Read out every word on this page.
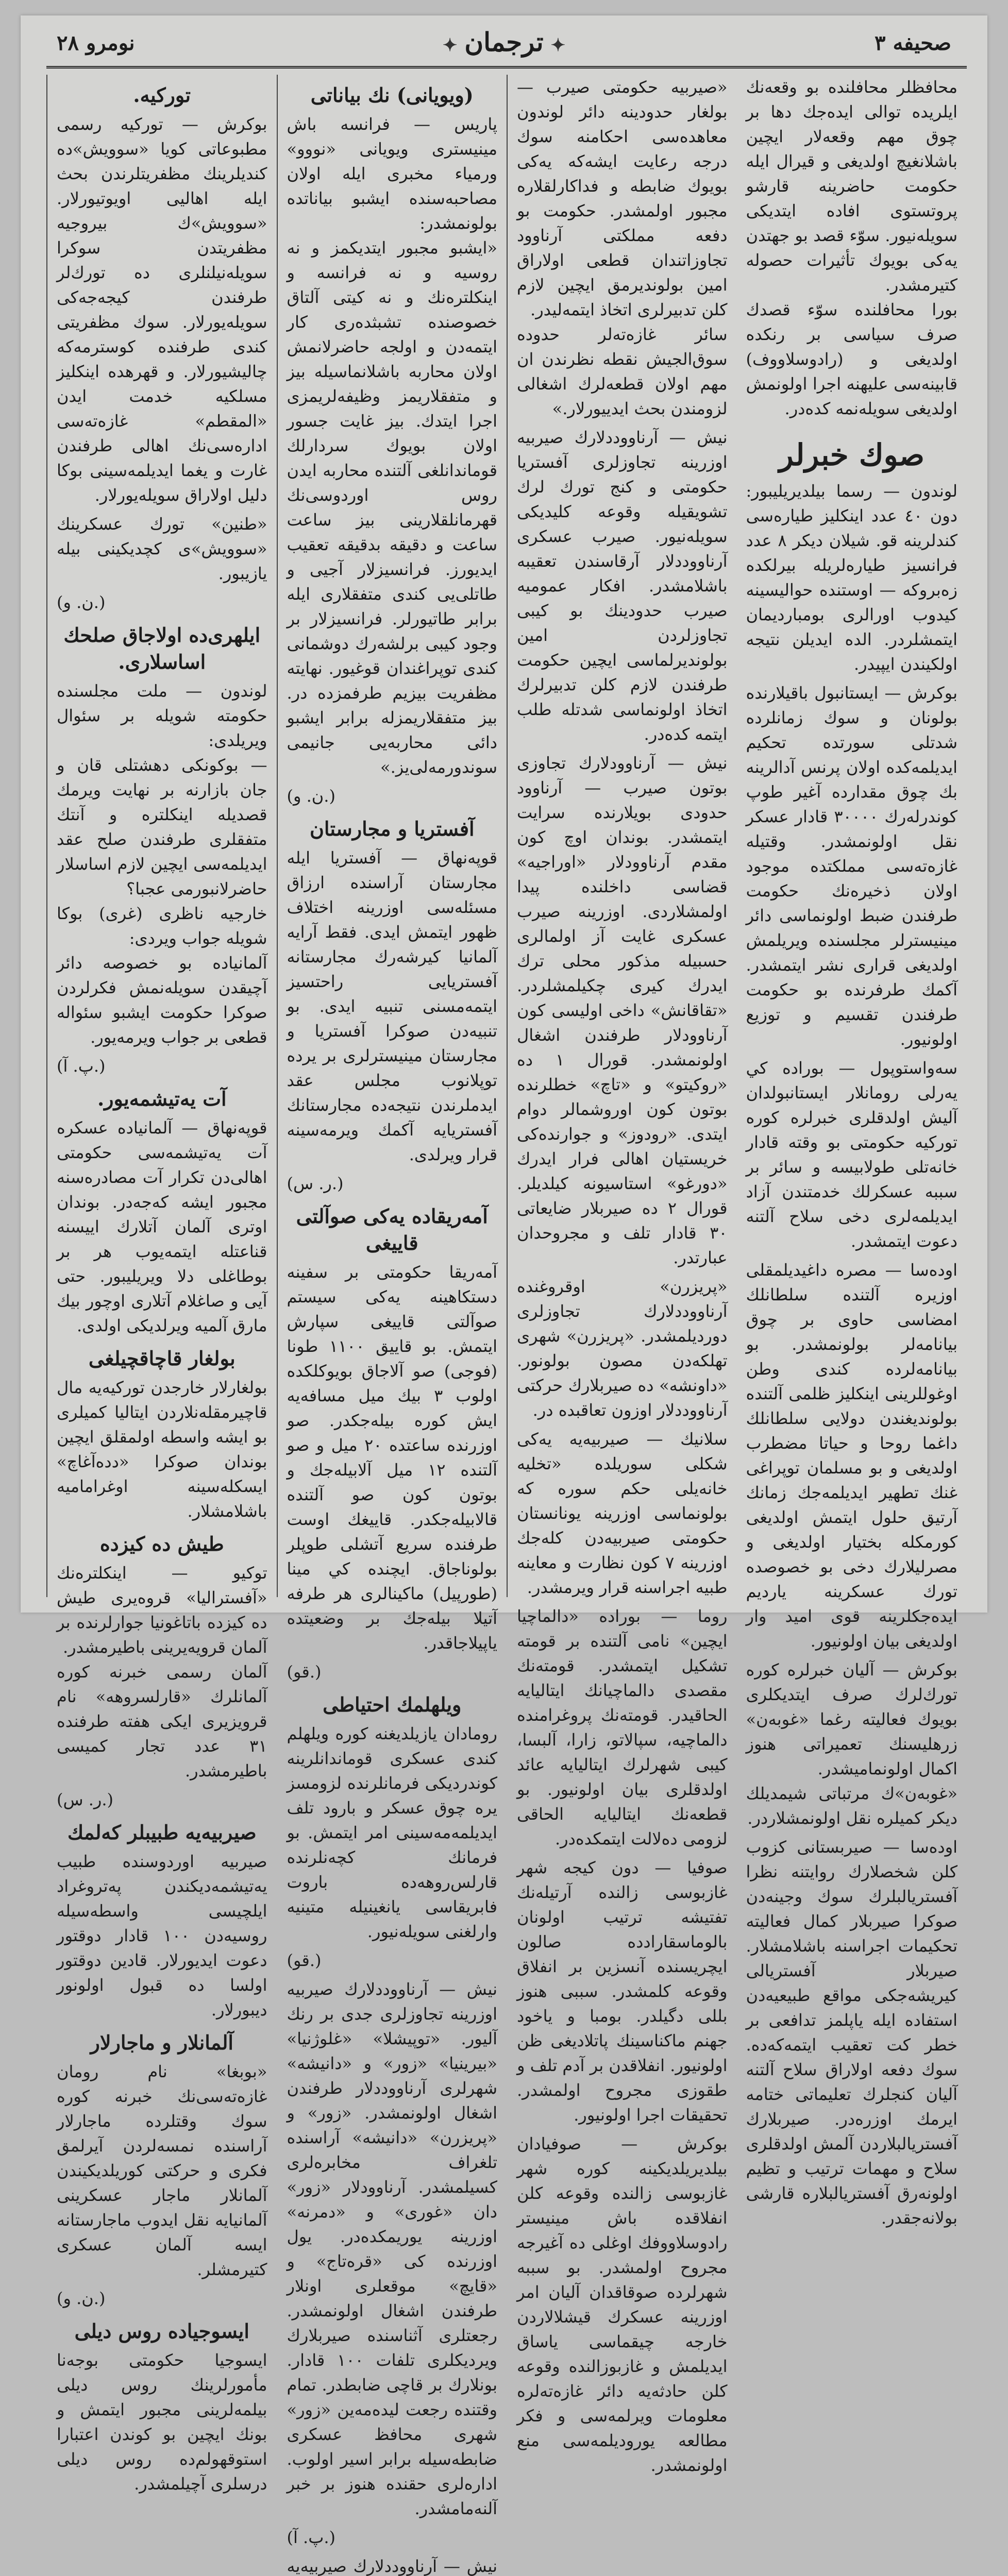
صحيفه ٣
✦ترجمان✦
نومرو ٢٨
توركيه.

بوكرش — توركيه رسمى مطبوعاتى كويا «سوويش»ده كنديلرينك مظفريتلرندن بحث ايله اهاليى اويوتيورلار. «سوويش»ك بيروجيه مظفريتدن سوكرا سويله‌نيلنلرى ده تورك‌لر طرفندن كيجه‌جه‌كى سويله‌يورلار. سوك مظفريتى كندى طرفنده كوسترمه‌كه چاليشيورلار. و قهرهده اينكليز مسلكيه خدمت ايدن «المقطم» غازه‌ته‌سى اداره‌سى‌نك اهالى طرفندن غارت و يغما ايديلمه‌سينى بوكا دليل اولاراق سويله‌يورلار.

«طنين» تورك عسكرينك «سوويش»ى كچديكينى بيله يازيبور.

(ن. و.)

ايلهرى‌ده اولاجاق صلحك اساسلارى.

لوندون — ملت مجلسنده حكومته شويله بر سئوال ويريلدى:
— بوكونكى دهشتلى قان و جان بازارنه بر نهايت ويرمك قصديله اينكلتره و آنتك متفقلرى طرفندن صلح عقد ايديلمه‌سى ايچين لازم اساسلار حاضرلانبورمى عجبا؟
خارجيه ناظرى (غرى) بوكا شويله جواب ويردى:
آلمانياده بو خصوصه دائر آچيقدن سويله‌نمش فكرلردن صوكرا حكومت ايشبو سئواله قطعى بر جواب ويرمه‌يور.

(پ. آ.)

آت يه‌تيشمه‌يور.

قوپه‌نهاق — آلمانياده عسكره آت يه‌تيشمه‌سى حكومتى اهالى‌دن تكرار آت مصادره‌سنه مجبور ايشه كه‌جه‌در. بوندان اوترى آلمان آتلارك اييسنه قناعتله ايتمه‌يوب هر بر بوطاغلى دلا ويريليبور. حتى آيى و صاغلام آتلارى اوچور بيك مارق آلميه ويرلديكى اولدى.

بولغار قاچاقچيلغى

بولغارلار خارجدن توركيه‌يه مال قاچيرمقله‌نلاردن ايتاليا كميلرى بو ايشه واسطه اولمقلق ايچين بوندان صوكرا «دده‌آغاچ» ايسكله‌سينه اوغراماميه باشلامشلار.

طيش ده كيزده

توكيو — اينكلتره‌نك «آفستراليا» قروه‌يرى طيش ده كيزده باتاغونيا جوارلرنده بر آلمان قرويه‌يرينى باطيرمشدر.
آلمان رسمى خبرنه كوره آلمانلرك «قارلسروهه» نام قرويزيرى ايكى هفته طرفنده ٣١ عدد تجار كميسى باطيرمشدر.

(ر. س.)

صيربيه‌يه طبيبلر كه‌لمك

صيربيه اوردوسنده طبيب يه‌تيشمه‌ديكندن په‌تروغراد ايلچيسى واسطه‌سيله روسيه‌دن ١٠٠ قادار دوقتور دعوت ايديورلار. قادين دوقتور اولسا ده قبول اولونور ديبورلار.

آلمانلار و ماجارلار

«بوبغا» نام رومان غازه‌ته‌سى‌نك خبرنه كوره سوك وقتلرده ماجارلار آراسنده نمسه‌لردن آيرلمق فكرى و حركتى كوريلديكيندن آلمانلار ماجار عسكرينى آلمانيا‌يه نقل ايدوب ماجارستانه ايسه آلمان عسكرى كتيرمشلر.

(ن. و.)

ايسوجياده روس ديلى

ايسوجيا حكومتى بوجه‌نا مأمورلرينك روس ديلى بيلمه‌لرينى مجبور ايتمش و بونك ايچين بو كوندن اعتبارا استوقهولم‌ده روس ديلى درسلرى آچيلمشدر.

(ويويانى) نك بياناتى

پاريس — فرانسه باش مينيسترى ويويانى «نووو» ورمياء مخبرى ايله اولان مصاحبه‌سنده ايشبو بياناتده بولونمشدر:
«ايشبو مجبور ايتديكمز و نه روسيه و نه فرانسه و اينكلتره‌نك و نه كيتى آلتاق خصوصنده تشبثده‌رى كار ايتمه‌دن و اولجه حاضرلانمش اولان محاربه باشلانماسيله بيز و متفقلاريمز وظيفه‌لريمزى اجرا ايتدك. بيز غايت جسور اولان بويوك سردارلك قوماندانلغى آلتنده محاربه ايدن روس اوردوسى‌نك قهرمانلقلارينى بيز ساعت ساعت و دقيقه بدقيقه تعقيب ايديورز. فرانسيزلار آجيى و طاتلى‌يى كندى متفقلارى ايله برابر طاتيورلر. فرانسيزلار بر وجود كيبى برلشه‌رك دوشمانى كندى توپراغندان قوغيور. نهايته مظفريت بيزيم طرفمزده در. بيز متفقلاريمزله برابر ايشبو دائى محاربه‌يى جانيمى سوندورمه‌لى‌يز.»

(ن. و.)

آفستريا و مجارستان

قوپه‌نهاق — آفستريا ايله مجارستان آراسنده ارزاق مسئله‌سى اوزرينه اختلاف ظهور ايتمش ايدى. فقط آرايه آلمانيا كيرشه‌رك مجارستانه آفستريايى راحتسيز ايتمه‌مسنى تنبيه ايدى. بو تنبيه‌دن صوكرا آفستريا و مجارستان مينيسترلرى بر يرده توپلانوب مجلس عقد ايدملرندن نتيجه‌ده مجارستانك آفستريايه آكمك ويرمه‌سينه قرار ويرلدى.

(ر. س.)

آمه‌ريقاده يه‌كى صوآلتى قاييغى

آمه‌ريقا حكومتى بر سفينه دستكاهينه يه‌كى سيستم صوآلتى قاييغى سپارش ايتمش. بو قاييق ١١٠٠ طونا (فوجى) صو آلاجاق بويوكلكده اولوب ٣ بيك ميل مسافه‌يه ايش كوره بيله‌جكدر. صو اوزرنده ساعتده ٢٠ ميل و صو آلتنده ١٢ ميل آلابيله‌جك و بوتون كون صو آلتنده قالابيله‌جكدر. قاييغك اوست طرفنده سريع آتشلى طوپلر بولوناجاق. ايچنده كي مينا (طورپيل) ماكينالرى هر طرفه آتيلا بيله‌جك بر وضعيتده ياپيلاجاقدر.

(قو.)

ويلهلمك احتياطى

رومادان يازيلديغنه كوره ويلهلم كندى عسكرى قوماندانلرينه كوندرديكى فرمانلرنده لزومسز يره چوق عسكر و بارود تلف ايديلمه‌مه‌سينى امر ايتمش. بو فرمانك كچه‌نلرنده قارلس‌روهه‌ده باروت فابريقاسى يانغينيله متينيه وارلغنى سويله‌نيور.

(قو.)

نيش — آرناووددلارك صيربيه اوزرينه تجاوزلرى جدى بر رنك آليور. «توپيشلا» «غلوژنيا» «بيرينيا» «زور» و «دانيشه» شهرلرى آرناووددلار طرفندن اشغال اولونمشدر. «زور» و «پريزرن» «دانيشه» آراسنده تلغراف مخابره‌لرى كسيلمشدر. آرناوودلار «زور» دان «غورى» و «دمرنه» اوزرينه يوريمكده‌در. يول اوزرنده كى «قره‌تاج» و «قايچ» موقعلرى اونلار طرفندن اشغال اولونمشدر. رجعتلرى آثناسنده صيربلارك ويرديكلرى تلفات ١٠٠ قادار. بونلارك بر قاچى ضابطدر. تمام وقتنده رجعت ليده‌مه‌ين «زور» شهرى محافظ عسكرى ضابطه‌سيله برابر اسير اولوب. اداره‌لرى حقنده هنوز بر خبر آلنه‌مامشدر.

(پ. آ.)

نيش — آرناووددلارك صيربيه‌يه

«صيربيه حكومتى صيرب — بولغار حدودينه دائر لوندون معاهده‌سى احكامنه سوك درجه رعايت ايشه‌كه يه‌كى بويوك ضابطه و فداكارلقلاره مجبور اولمشدر. حكومت بو دفعه مملكتى آرناوود تجاوزاتندان قطعى اولاراق امين بولونديرمق ايچين لازم كلن تدبيرلرى اتخاذ ايتمه‌ليدر.
سائر غازه‌ته‌لر حدوده سوق‌الجيش نقطه نظرندن ان مهم اولان قطعه‌لرك اشغالى لزومندن بحث ايدييورلار.»

نيش — آرناووددلارك صيربيه اوزرينه تجاوزلرى آفستريا حكومتى و كنج تورك لرك تشويقيله وقوعه كليديكى سويله‌نيور. صيرب عسكرى آرناووددلار آرقاسندن تعقيبه باشلامشدر. افكار عموميه صيرب حدودينك بو كيبى تجاوزلردن امين بولونديرلماسى ايچين حكومت طرفندن لازم كلن تدبيرلرك اتخاذ اولونماسى شدتله طلب ايتمه كده‌در.

نيش — آرناوودلارك تجاوزى بوتون صيرب — آرناوود حدودى بويلارنده سرايت ايتمشدر. بوندان اوچ كون مقدم آرناوودلار «اوراجيه» قضاسى داخلنده پيدا اولمشلاردى. اوزرينه صيرب عسكرى غايت آز اولمالرى حسبيله مذكور محلى ترك ايدرك كيرى چكيلمشلردر. «تقاقانش» داخى اوليسى كون آرناوودلار طرفندن اشغال اولونمشدر. قورال ١ ده «روكيتو» و «تاچ» خطلرنده بوتون كون اوروشمالر دوام ايتدى. «رودوز» و جوارنده‌كى خريستيان اهالى فرار ايدرك «دورغو» استاسيونه كيلديلر. قورال ٢ ده صيربلار ضايعاتى ٣٠ قادار تلف و مجروحدان عبارتدر.

«پريزرن» اوقروغنده آرناووددلارك تجاوزلرى دورديلمشدر. «پريزرن» شهرى تهلكه‌دن مصون بولونور. «داونشه» ده صيربلارك حركتى آرناووددلار اوزون تعاقبده در.

سلانيك — صيربيه‌يه يه‌كى شكلى سوريلده «تخليه خانه‌يلى حكم سوره كه بولونماسى اوزرينه يونانستان حكومتى صيربيه‌دن كله‌جك اوزرينه ٧ كون نظارت و معاينه طبيه اجراسنه قرار ويرمشدر.

روما — بوراده «دالماچيا ايچين» نامى آلتنده بر قومته تشكيل ايتمشدر. قومته‌نك مقصدى دالماچيانك ايتاليايه الحاقيدر. قومته‌نك پروغرامنده دالماچيه، سپالاتو، زارا، آلبسا، كيبى شهرلرك ايتاليايه عائد اولدقلرى بيان اولونيور. بو قطعه‌نك ايتاليايه الحاقى لزومى ده‌لالت ايتمكده‌در.

صوفيا — دون كيجه شهر غازبوسى زالنده آرتيله‌نك تفتيشه ترتيب اولونان بالوماسقارادده صالون ايچريسنده آنسزين بر انفلاق وقوعه كلمشدر. سببى هنوز بللى دگيلدر. بومبا و ياخود جهنم ماكناسينك پاتلاديغى ظن اولونيور. انفلاقدن بر آدم تلف و طقوزى مجروح اولمشدر. تحقيقات اجرا اولونيور.

بوكرش — صوفيادان بيلديريلديكينه كوره شهر غازبوسى زالنده وقوعه كلن انفلاقده باش مينيستر رادوسلاووفك اوغلى ده آغيرجه مجروح اولمشدر. بو سببه شهرلرده صوقاقدان آليان امر اوزرينه عسكرك قيشلالاردن خارجه چيقماسى ياساق ايديلمش و غازبوزالنده وقوعه كلن حادثه‌يه دائر غازه‌ته‌لره معلومات ويرلمه‌سى و فكر مطالعه يوروديلمه‌سى منع اولونمشدر.

محافظلر محافلنده بو وقعه‌نك ايلريده توالى ايده‌جك دها بر چوق مهم وقعه‌لار ايچين باشلانغيچ اولديغى و قيرال ايله حكومت حاضرينه قارشو پروتستوى افاده ايتديكى سويله‌نيور. سوّء قصد بو جهتدن يه‌كى بويوك تأثيرات حصوله كتيرمشدر.
بورا محافلنده سوّء قصدك صرف سياسى بر رنكده اولديغى و (رادوسلاووف) قابينه‌سى عليهنه اجرا اولونمش اولديغى سويله‌نمه كده‌در.

صوك خبرلر

لوندون — رسما بيلديريليبور: دون ٤٠ عدد اينكليز طياره‌سى كندلرينه قو. شيلان ديكر ٨ عدد فرانسيز طياره‌لريله بيرلكده زه‌بروكه — اوستنده حواليسينه كيدوب اورالرى بومبارديمان ايتمشلردر. الده ايديلن نتيجه اولكيندن ايپيدر.

بوكرش — ايستانبول باقيلارنده بولونان و سوك زمانلرده شدتلى سورتده تحكيم ايديلمه‌كده اولان پرنس آدالرينه بك چوق مقدارده آغير طوپ كوندرله‌رك ٣٠٠٠٠ قادار عسكر نقل اولونمشدر. وقتيله غازه‌ته‌سى مملكتده موجود اولان ذخيره‌نك حكومت طرفندن ضبط اولونماسى دائر مينيسترلر مجلسنده ويريلمش اولديغى قرارى نشر ايتمشدر. آكمك طرفرنده بو حكومت طرفندن تقسيم و توزيع اولونيور.

سه‌واستوپول — بوراده كي يه‌رلى رومانلار ايستانبولدان آليش اولدقلرى خبرلره كوره توركيه حكومتى بو وقته قادار خانه‌تلى طولابيسه و سائر بر سببه عسكرلك خدمتندن آزاد ايديلمه‌لرى دخى سلاح آلتنه دعوت ايتمشدر.

اوده‌سا — مصره داغيديلمقلى اوزيره آلتنده سلطانلك امضاسى حاوى بر چوق بيانامه‌لر بولونمشدر. بو بيانامه‌لرده كندى وطن اوغوللرينى اينكليز ظلمى آلتنده بولونديغندن دولايى سلطانلك داغما روحا و حياتا مضطرب اولديغى و بو مسلمان توپراغى غنك تطهير ايديلمه‌جك زمانك آرتيق حلول ايتمش اولديغى كورمكله بختيار اولديغى و مصرليلارك دخى بو خصوصده تورك عسكرينه يارديم ايده‌جكلرينه قوى اميد وار اولديغى بيان اولونيور.

بوكرش — آليان خبرلره كوره تورك‌لرك صرف ايتديكلرى بويوك فعاليته رغما «غوبه‌ن» زرهليسنك تعميراتى هنوز اكمال اولونماميشدر.
«غوبه‌ن»ك مرتباتى شيمديلك ديكر كميلره نقل اولونمشلاردر.

اوده‌سا — صيربستانى كزوب كلن شخصلارك روايتنه نظرا آفستريالبلرك سوك وجينه‌دن صوكرا صيربلار كمال فعاليته تحكيمات اجراسنه باشلامشلار. صيربلار آفستريالى كيريشه‌جكى مواقع طبيعيه‌دن استفاده ايله ياپلمز تدافعى بر خطر كت تعقيب ايتمه‌كه‌ده. سوك دفعه اولاراق سلاح آلتنه آليان كنجلرك تعليماتى ختامه ايرمك اوزره‌در. صيربلارك آفستريالبلاردن آلمش اولدقلرى سلاح و مهمات ترتيب و تظيم اولونه‌رق آفستريالبلاره قارشى بولانه‌جقدر.
